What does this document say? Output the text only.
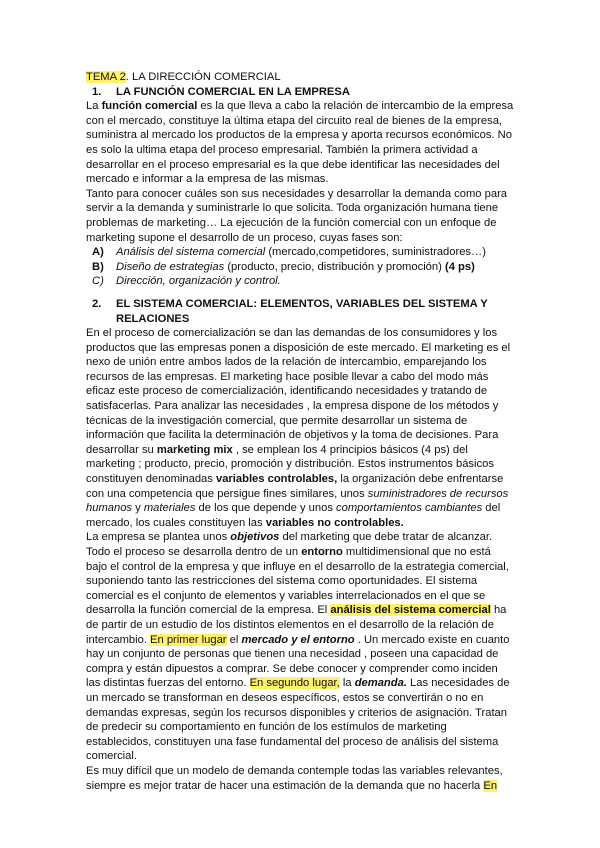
TEMA 2. LA DIRECCIÓN COMERCIAL

1. LA FUNCIÓN COMERCIAL EN LA EMPRESA

La función comercial es la que lleva a cabo la relación de intercambio de la empresa con el mercado, constituye la última etapa del circuito real de bienes de la empresa, suministra al mercado los productos de la empresa y aporta recursos económicos. No es solo la ultima etapa del proceso empresarial. También la primera actividad a desarrollar en el proceso empresarial es la que debe identificar las necesidades del mercado e informar a la empresa de las mismas.

Tanto para conocer cuáles son sus necesidades y desarrollar la demanda como para servir a la demanda y suministrarle lo que solicita. Toda organización humana tiene problemas de marketing… La ejecución de la función comercial con un enfoque de marketing supone el desarrollo de un proceso, cuyas fases son:

A)	Análisis del sistema comercial (mercado,competidores, suministradores…)
B)	Diseño de estrategias (producto, precio, distribución y promoción) (4 ps)
C)	Dirección, organización y control.

2.	EL SISTEMA COMERCIAL: ELEMENTOS, VARIABLES DEL SISTEMA Y RELACIONES

En el proceso de comercialización se dan las demandas de los consumidores y los productos que las empresas ponen a disposición de este mercado. El marketing es el nexo de unión entre ambos lados de la relación de intercambio, emparejando los recursos de las empresas. El marketing hace posible llevar a cabo del modo más eficaz este proceso de comercialización, identificando necesidades y tratando de satisfacerlas. Para analizar las necesidades , la empresa dispone de los métodos y técnicas de la investigación comercial, que permite desarrollar un sistema de información que facilita la determinación de objetivos y la toma de decisiones. Para desarrollar su marketing mix , se emplean los 4 principios básicos (4 ps) del marketing ; producto, precio, promoción y distribución. Estos instrumentos básicos constituyen denominadas variables controlables, la organización debe enfrentarse con una competencia que persigue fines similares, unos suministradores de recursos humanos y materiales de los que depende y unos comportamientos cambiantes del mercado, los cuales constituyen las variables no controlables.

La empresa se plantea unos objetivos del marketing que debe tratar de alcanzar. Todo el proceso se desarrolla dentro de un entorno multidimensional que no está bajo el control de la empresa y que influye en el desarrollo de la estrategia comercial, suponiendo tanto las restricciones del sistema como oportunidades. El sistema comercial es el conjunto de elementos y variables interrelacionados en el que se desarrolla la función comercial de la empresa. El análisis del sistema comercial ha de partir de un estudio de los distintos elementos en el desarrollo de la relación de intercambio. En primer lugar el mercado y el entorno . Un mercado existe en cuanto hay un conjunto de personas que tienen una necesidad , poseen una capacidad de compra y están dipuestos a comprar. Se debe conocer y comprender como inciden las distintas fuerzas del entorno. En segundo lugar, la demanda. Las necesidades de un mercado se transforman en deseos específicos, estos se convertirán o no en demandas expresas, según los recursos disponibles y criterios de asignación. Tratan de predecir su comportamiento en función de los estímulos de marketing establecidos, constituyen una fase fundamental del proceso de análisis del sistema comercial.

Es muy difícil que un modelo de demanda contemple todas las variables relevantes, siempre es mejor tratar de hacer una estimación de la demanda que no hacerla En
